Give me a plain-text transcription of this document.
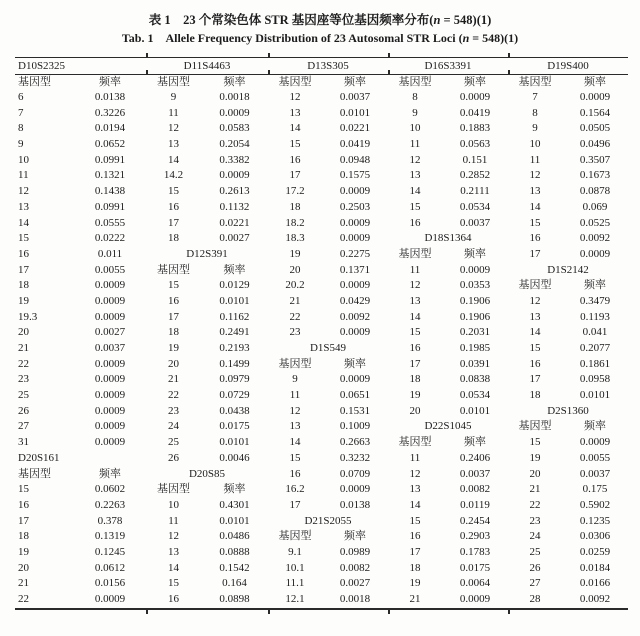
表 1　23 个常染色体 STR 基因座等位基因频率分布(n = 548)(1)
Tab. 1　Allele Frequency Distribution of 23 Autosomal STR Loci (n = 548)(1)
D10S2325	D11S4463	D13S305	D16S3391	D19S400
基因型	频率	基因型	频率	基因型	频率	基因型	频率	基因型	频率
6	0.0138	9	0.0018	12	0.0037	8	0.0009	7	0.0009
7	0.3226	11	0.0009	13	0.0101	9	0.0419	8	0.1564
8	0.0194	12	0.0583	14	0.0221	10	0.1883	9	0.0505
9	0.0652	13	0.2054	15	0.0419	11	0.0563	10	0.0496
10	0.0991	14	0.3382	16	0.0948	12	0.151	11	0.3507
11	0.1321	14.2	0.0009	17	0.1575	13	0.2852	12	0.1673
12	0.1438	15	0.2613	17.2	0.0009	14	0.2111	13	0.0878
13	0.0991	16	0.1132	18	0.2503	15	0.0534	14	0.069
14	0.0555	17	0.0221	18.2	0.0009	16	0.0037	15	0.0525
15	0.0222	18	0.0027	18.3	0.0009	D18S1364	16	0.0092
16	0.011	D12S391	19	0.2275	基因型	频率	17	0.0009
17	0.0055	基因型	频率	20	0.1371	11	0.0009	D1S2142
18	0.0009	15	0.0129	20.2	0.0009	12	0.0353	基因型	频率
19	0.0009	16	0.0101	21	0.0429	13	0.1906	12	0.3479
19.3	0.0009	17	0.1162	22	0.0092	14	0.1906	13	0.1193
20	0.0027	18	0.2491	23	0.0009	15	0.2031	14	0.041
21	0.0037	19	0.2193	D1S549	16	0.1985	15	0.2077
22	0.0009	20	0.1499	基因型	频率	17	0.0391	16	0.1861
23	0.0009	21	0.0979	9	0.0009	18	0.0838	17	0.0958
25	0.0009	22	0.0729	11	0.0651	19	0.0534	18	0.0101
26	0.0009	23	0.0438	12	0.1531	20	0.0101	D2S1360
27	0.0009	24	0.0175	13	0.1009	D22S1045	基因型	频率
31	0.0009	25	0.0101	14	0.2663	基因型	频率	15	0.0009
D20S161	26	0.0046	15	0.3232	11	0.2406	19	0.0055
基因型	频率	D20S85	16	0.0709	12	0.0037	20	0.0037
15	0.0602	基因型	频率	16.2	0.0009	13	0.0082	21	0.175
16	0.2263	10	0.4301	17	0.0138	14	0.0119	22	0.5902
17	0.378	11	0.0101	D21S2055	15	0.2454	23	0.1235
18	0.1319	12	0.0486	基因型	频率	16	0.2903	24	0.0306
19	0.1245	13	0.0888	9.1	0.0989	17	0.1783	25	0.0259
20	0.0612	14	0.1542	10.1	0.0082	18	0.0175	26	0.0184
21	0.0156	15	0.164	11.1	0.0027	19	0.0064	27	0.0166
22	0.0009	16	0.0898	12.1	0.0018	21	0.0009	28	0.0092
